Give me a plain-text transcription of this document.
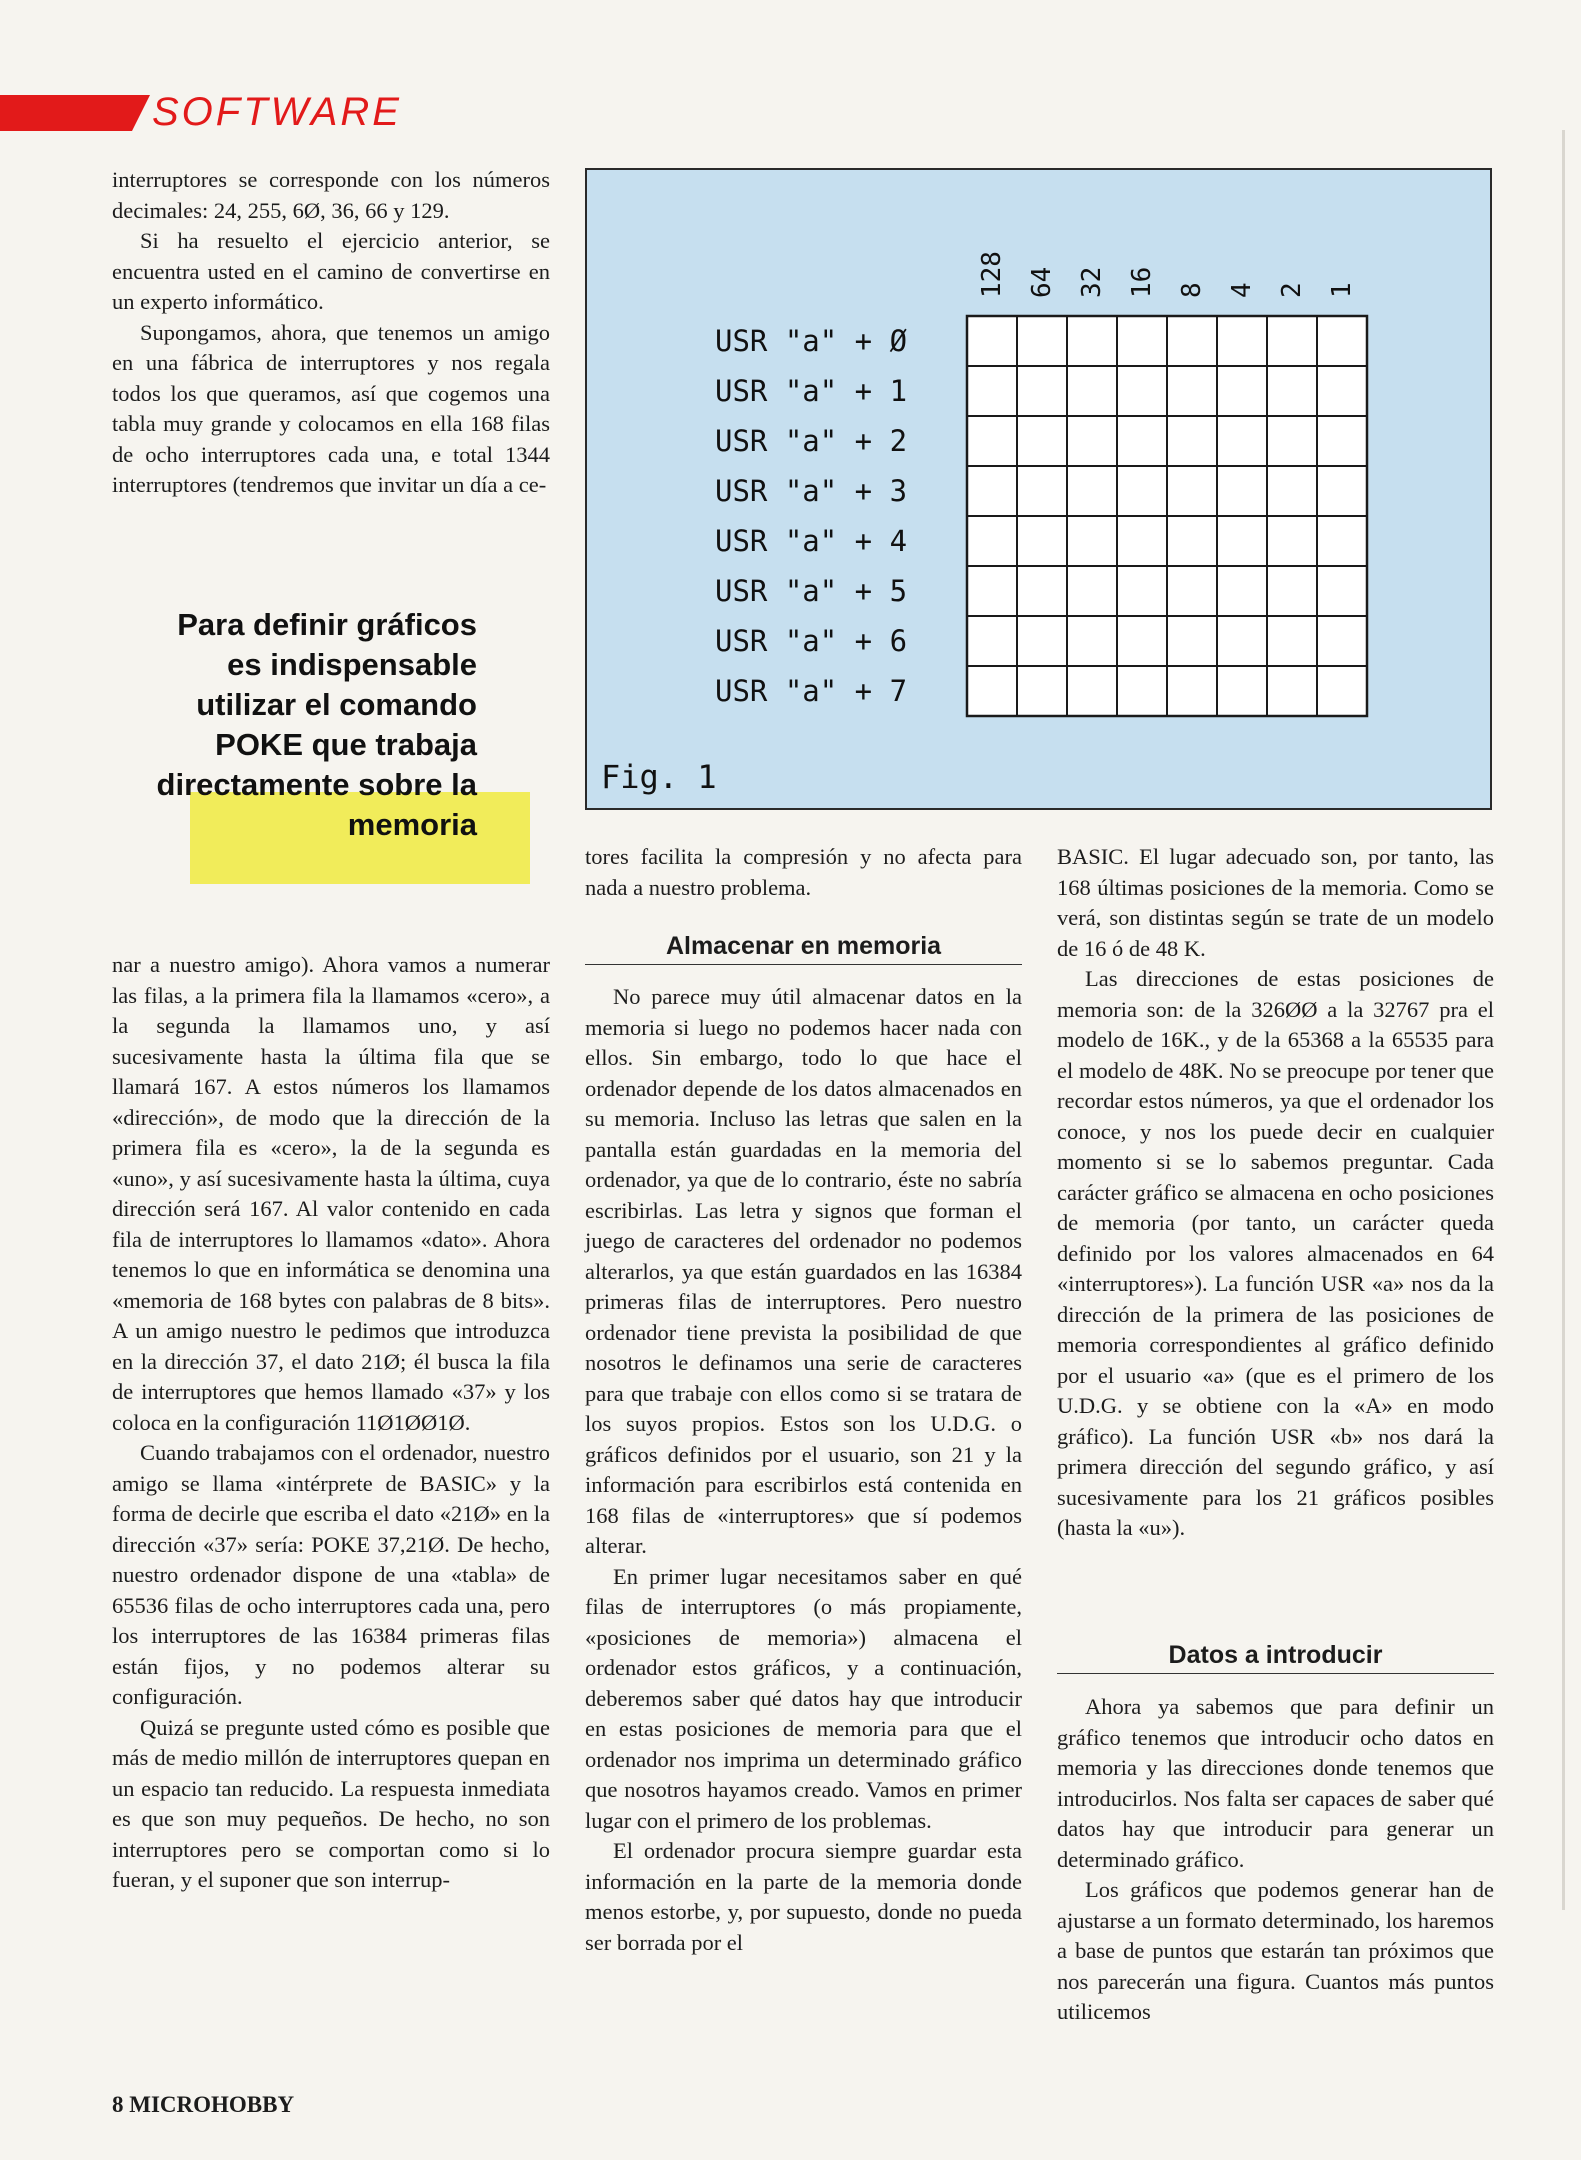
SOFTWARE

interruptores se corresponde con los números decimales: 24, 255, 6Ø, 36, 66 y 129.

Si ha resuelto el ejercicio anterior, se encuentra usted en el camino de convertirse en un experto informático.

Supongamos, ahora, que tenemos un amigo en una fábrica de interruptores y nos regala todos los que queramos, así que cogemos una tabla muy grande y colocamos en ella 168 filas de ocho interruptores cada una, e total 1344 interruptores (tendremos que invitar un día a ce-

Para definir gráficos
es indispensable
utilizar el comando
POKE que trabaja
directamente sobre la
memoria

nar a nuestro amigo). Ahora vamos a numerar las filas, a la primera fila la llamamos «cero», a la segunda la llamamos uno, y así sucesivamente hasta la última fila que se llamará 167. A estos números los llamamos «dirección», de modo que la dirección de la primera fila es «cero», la de la segunda es «uno», y así sucesivamente hasta la última, cuya dirección será 167. Al valor contenido en cada fila de interruptores lo llamamos «dato». Ahora tenemos lo que en informática se denomina una «memoria de 168 bytes con palabras de 8 bits». A un amigo nuestro le pedimos que introduzca en la dirección 37, el dato 21Ø; él busca la fila de interruptores que hemos llamado «37» y los coloca en la configuración 11Ø1ØØ1Ø.

Cuando trabajamos con el ordenador, nuestro amigo se llama «intérprete de BASIC» y la forma de decirle que escriba el dato «21Ø» en la dirección «37» sería: POKE 37,21Ø. De hecho, nuestro ordenador dispone de una «tabla» de 65536 filas de ocho interruptores cada una, pero los interruptores de las 16384 primeras filas están fijos, y no podemos alterar su configuración.

Quizá se pregunte usted cómo es posible que más de medio millón de interruptores quepan en un espacio tan reducido. La respuesta inmediata es que son muy pequeños. De hecho, no son interruptores pero se comportan como si lo fueran, y el suponer que son interrup-

128 64 32 16 8 4 2 1
USR "a" + Ø
USR "a" + 1
USR "a" + 2
USR "a" + 3
USR "a" + 4
USR "a" + 5
USR "a" + 6
USR "a" + 7
Fig. 1

tores facilita la compresión y no afecta para nada a nuestro problema.

Almacenar en memoria

No parece muy útil almacenar datos en la memoria si luego no podemos hacer nada con ellos. Sin embargo, todo lo que hace el ordenador depende de los datos almacenados en su memoria. Incluso las letras que salen en la pantalla están guardadas en la memoria del ordenador, ya que de lo contrario, éste no sabría escribirlas. Las letra y signos que forman el juego de caracteres del ordenador no podemos alterarlos, ya que están guardados en las 16384 primeras filas de interruptores. Pero nuestro ordenador tiene prevista la posibilidad de que nosotros le definamos una serie de caracteres para que trabaje con ellos como si se tratara de los suyos propios. Estos son los U.D.G. o gráficos definidos por el usuario, son 21 y la información para escribirlos está contenida en 168 filas de «interruptores» que sí podemos alterar.

En primer lugar necesitamos saber en qué filas de interruptores (o más propiamente, «posiciones de memoria») almacena el ordenador estos gráficos, y a continuación, deberemos saber qué datos hay que introducir en estas posiciones de memoria para que el ordenador nos imprima un determinado gráfico que nosotros hayamos creado. Vamos en primer lugar con el primero de los problemas.

El ordenador procura siempre guardar esta información en la parte de la memoria donde menos estorbe, y, por supuesto, donde no pueda ser borrada por el

BASIC. El lugar adecuado son, por tanto, las 168 últimas posiciones de la memoria. Como se verá, son distintas según se trate de un modelo de 16 ó de 48 K.

Las direcciones de estas posiciones de memoria son: de la 326ØØ a la 32767 pra el modelo de 16K., y de la 65368 a la 65535 para el modelo de 48K. No se preocupe por tener que recordar estos números, ya que el ordenador los conoce, y nos los puede decir en cualquier momento si se lo sabemos preguntar. Cada carácter gráfico se almacena en ocho posiciones de memoria (por tanto, un carácter queda definido por los valores almacenados en 64 «interruptores»). La función USR «a» nos da la dirección de la primera de las posiciones de memoria correspondientes al gráfico definido por el usuario «a» (que es el primero de los U.D.G. y se obtiene con la «A» en modo gráfico). La función USR «b» nos dará la primera dirección del segundo gráfico, y así sucesivamente para los 21 gráficos posibles (hasta la «u»).

Datos a introducir

Ahora ya sabemos que para definir un gráfico tenemos que introducir ocho datos en memoria y las direcciones donde tenemos que introducirlos. Nos falta ser capaces de saber qué datos hay que introducir para generar un determinado gráfico.

Los gráficos que podemos generar han de ajustarse a un formato determinado, los haremos a base de puntos que estarán tan próximos que nos parecerán una figura. Cuantos más puntos utilicemos

8 MICROHOBBY
